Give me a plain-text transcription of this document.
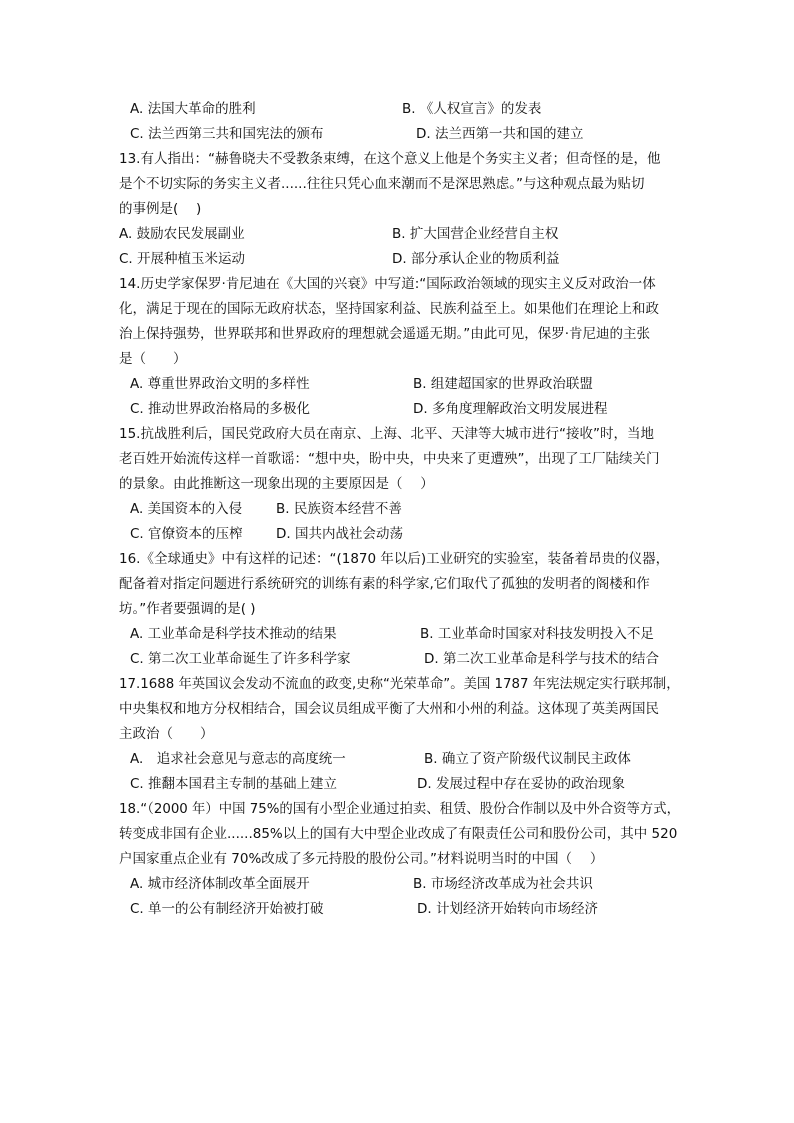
A. 法国大革命的胜利	B. 《人权宣言》的发表
C. 法兰西第三共和国宪法的颁布	D. 法兰西第一共和国的建立
13.有人指出：“赫鲁晓夫不受教条束缚，在这个意义上他是个务实主义者；但奇怪的是，他
是个不切实际的务实主义者......往往只凭心血来潮而不是深思熟虑。”与这种观点最为贴切
的事例是(　 )
A. 鼓励农民发展副业	B. 扩大国营企业经营自主权
C. 开展种植玉米运动	D. 部分承认企业的物质利益
14.历史学家保罗·肯尼迪在《大国的兴衰》中写道:“国际政治领域的现实主义反对政治一体
化，满足于现在的国际无政府状态，坚持国家利益、民族利益至上。如果他们在理论上和政
治上保持强势，世界联邦和世界政府的理想就会遥遥无期。”由此可见，保罗·肯尼迪的主张
是（　　）
A. 尊重世界政治文明的多样性	B. 组建超国家的世界政治联盟
C. 推动世界政治格局的多极化	D. 多角度理解政治文明发展进程
15.抗战胜利后，国民党政府大员在南京、上海、北平、天津等大城市进行“接收”时，当地
老百姓开始流传这样一首歌谣：“想中央，盼中央，中央来了更遭殃”，出现了工厂陆续关门
的景象。由此推断这一现象出现的主要原因是（　 ）
A. 美国资本的入侵	B. 民族资本经营不善
C. 官僚资本的压榨 D. 国共内战社会动荡
16.《全球通史》中有这样的记述：“(1870 年以后)工业研究的实验室，装备着昂贵的仪器，
配备着对指定问题进行系统研究的训练有素的科学家,它们取代了孤独的发明者的阁楼和作
坊。”作者要强调的是( )
A. 工业革命是科学技术推动的结果	B. 工业革命时国家对科技发明投入不足
C. 第二次工业革命诞生了许多科学家	D. 第二次工业革命是科学与技术的结合
17.1688 年英国议会发动不流血的政变,史称“光荣革命”。美国 1787 年宪法规定实行联邦制，
中央集权和地方分权相结合，国会议员组成平衡了大州和小州的利益。这体现了英美两国民
主政治（　　）
A.　追求社会意见与意志的高度统一	B. 确立了资产阶级代议制民主政体
C. 推翻本国君主专制的基础上建立	D. 发展过程中存在妥协的政治现象
18.“（2000 年）中国 75%的国有小型企业通过拍卖、租赁、股份合作制以及中外合资等方式，
转变成非国有企业......85%以上的国有大中型企业改成了有限责任公司和股份公司，其中 520
户国家重点企业有 70%改成了多元持股的股份公司。”材料说明当时的中国（　 ）
A. 城市经济体制改革全面展开	B. 市场经济改革成为社会共识
C. 单一的公有制经济开始被打破	D. 计划经济开始转向市场经济
